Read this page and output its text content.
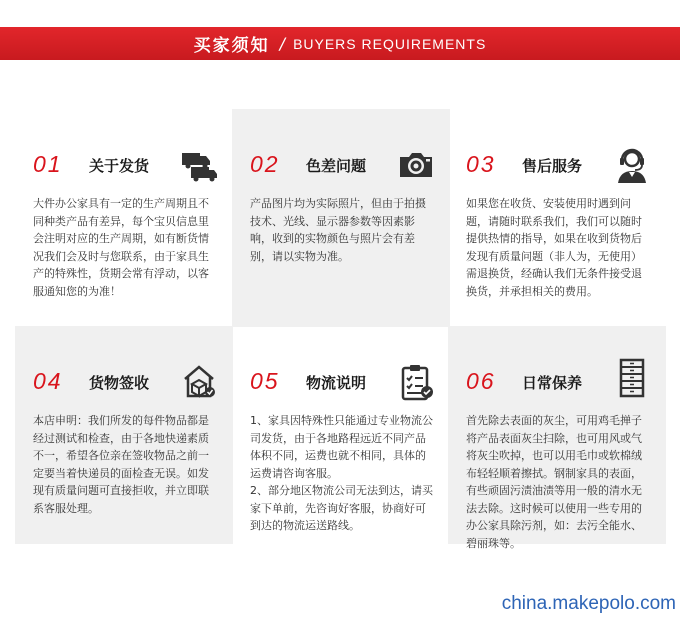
买家须知 / BUYERS REQUIREMENTS
01 关于发货
大件办公家具有一定的生产周期且不同种类产品有差异，每个宝贝信息里会注明对应的生产周期，如有断货情况我们会及时与您联系，由于家具生产的特殊性，货期会常有浮动，以客服通知您的为准！
02 色差问题
产品图片均为实际照片，但由于拍摄技术、光线、显示器参数等因素影响，收到的实物颜色与照片会有差别，请以实物为准。
03 售后服务
如果您在收货、安装使用时遇到问题，请随时联系我们，我们可以随时提供热情的指导，如果在收到货物后发现有质量问题（非人为，无使用）需退换货，经确认我们无条件接受退换货，并承担相关的费用。
04 货物签收
本店申明：我们所发的每件物品都是经过测试和检查，由于各地快递素质不一，希望各位亲在签收物品之前一定要当着快递员的面检查无误。如发现有质量问题可直接拒收，并立即联系客服处理。
05 物流说明
1、家具因特殊性只能通过专业物流公司发货，由于各地路程远近不同产品体积不同，运费也就不相同，具体的运费请咨询客服。
2、部分地区物流公司无法到达，请买家下单前，先咨询好客服，协商好可到达的物流运送路线。
06 日常保养
首先除去表面的灰尘，可用鸡毛掸子将产品表面灰尘扫除，也可用风或气将灰尘吹掉，也可以用毛巾或软棉绒布轻轻顺着擦拭。钢制家具的表面，有些顽固污渍油渍等用一般的清水无法去除。这时候可以使用一些专用的办公家具除污剂，如：去污全能水、碧丽珠等。
china.makepolo.com
